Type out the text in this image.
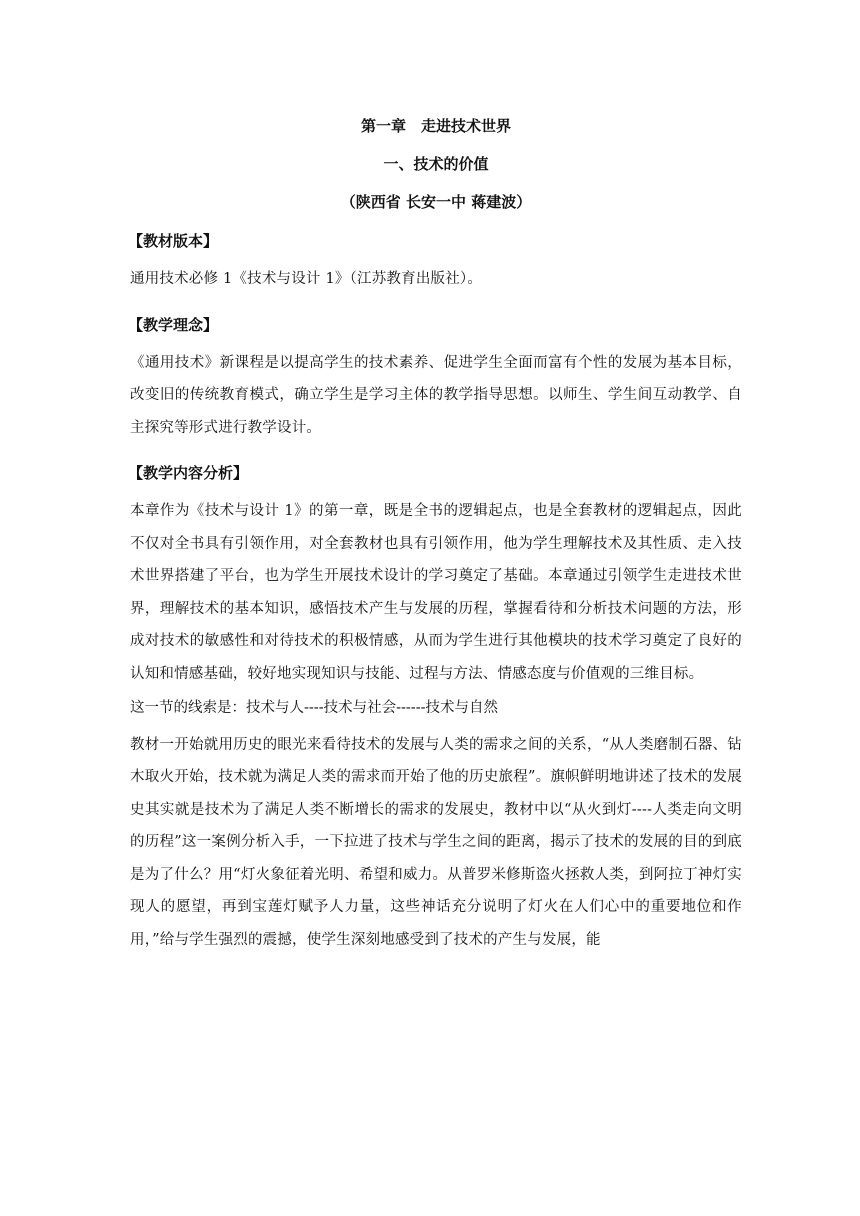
第一章　走进技术世界

一、技术的价值

（陕西省 长安一中 蒋建波）

【教材版本】

通用技术必修 1《技术与设计 1》（江苏教育出版社）。

【教学理念】

《通用技术》新课程是以提高学生的技术素养、促进学生全面而富有个性的发展为基本目标，改变旧的传统教育模式，确立学生是学习主体的教学指导思想。以师生、学生间互动教学、自主探究等形式进行教学设计。

【教学内容分析】

本章作为《技术与设计 1》的第一章，既是全书的逻辑起点，也是全套教材的逻辑起点，因此不仅对全书具有引领作用，对全套教材也具有引领作用，他为学生理解技术及其性质、走入技术世界搭建了平台，也为学生开展技术设计的学习奠定了基础。本章通过引领学生走进技术世界，理解技术的基本知识，感悟技术产生与发展的历程，掌握看待和分析技术问题的方法，形成对技术的敏感性和对待技术的积极情感，从而为学生进行其他模块的技术学习奠定了良好的认知和情感基础，较好地实现知识与技能、过程与方法、情感态度与价值观的三维目标。

这一节的线索是：技术与人----技术与社会------技术与自然

教材一开始就用历史的眼光来看待技术的发展与人类的需求之间的关系，“从人类磨制石器、钻木取火开始，技术就为满足人类的需求而开始了他的历史旅程”。旗帜鲜明地讲述了技术的发展史其实就是技术为了满足人类不断增长的需求的发展史，教材中以“从火到灯----人类走向文明的历程”这一案例分析入手，一下拉进了技术与学生之间的距离，揭示了技术的发展的目的到底是为了什么？用“灯火象征着光明、希望和威力。从普罗米修斯盗火拯救人类，到阿拉丁神灯实现人的愿望，再到宝莲灯赋予人力量，这些神话充分说明了灯火在人们心中的重要地位和作用，”给与学生强烈的震撼，使学生深刻地感受到了技术的产生与发展，能
